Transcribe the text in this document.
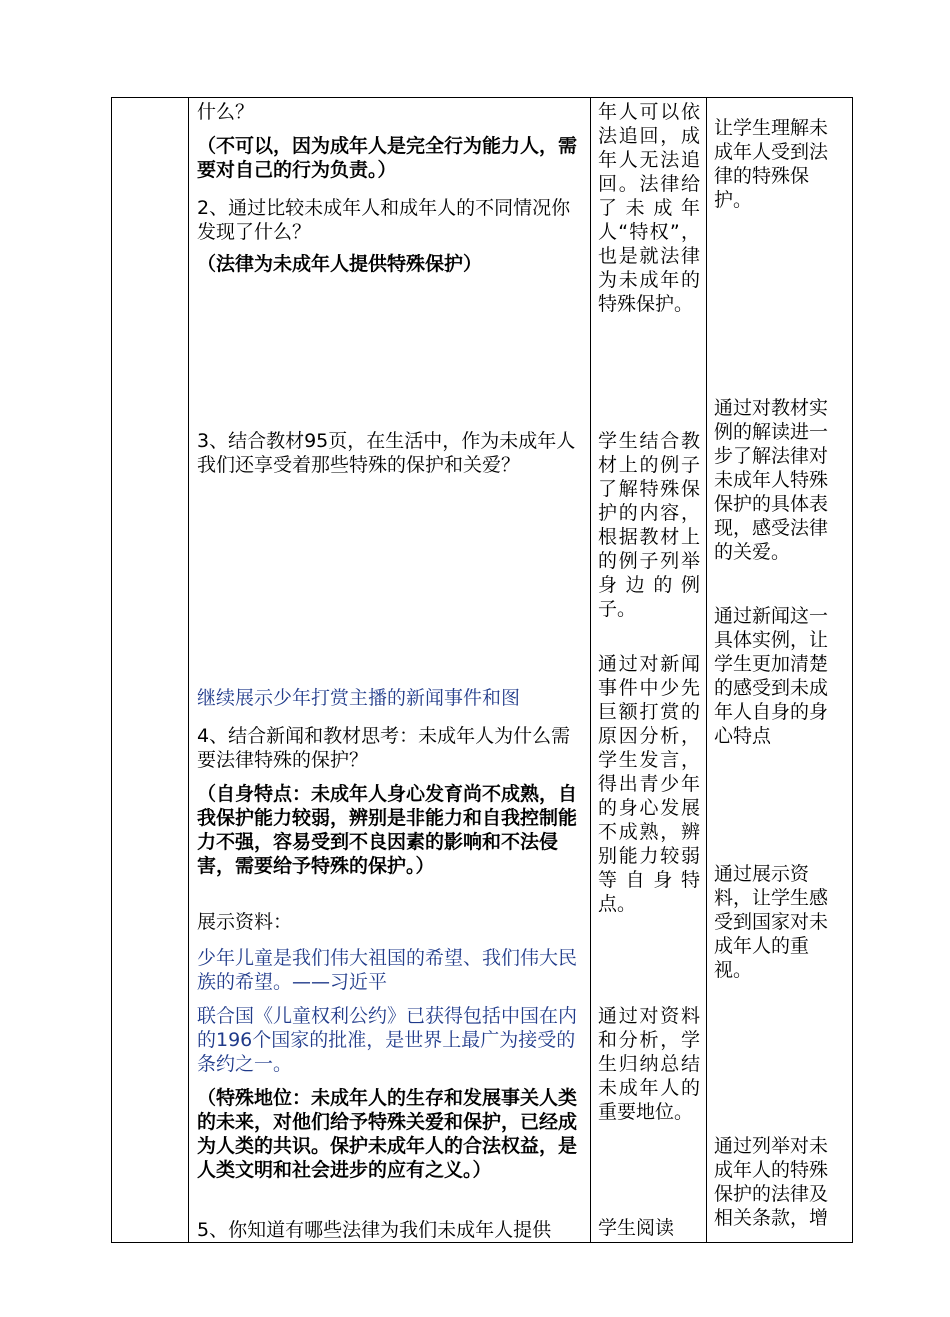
什么？

（不可以，因为成年人是完全行为能力人，需要对自己的行为负责。）

2、通过比较未成年人和成年人的不同情况你发现了什么？

（法律为未成年人提供特殊保护）

3、结合教材95页，在生活中，作为未成年人我们还享受着那些特殊的保护和关爱？

继续展示少年打赏主播的新闻事件和图

4、结合新闻和教材思考：未成年人为什么需要法律特殊的保护？

（自身特点：未成年人身心发育尚不成熟，自我保护能力较弱，辨别是非能力和自我控制能力不强，容易受到不良因素的影响和不法侵害，需要给予特殊的保护。）

展示资料：

少年儿童是我们伟大祖国的希望、我们伟大民族的希望。——习近平

联合国《儿童权利公约》已获得包括中国在内的196个国家的批准，是世界上最广为接受的条约之一。

（特殊地位：未成年人的生存和发展事关人类的未来，对他们给予特殊关爱和保护，已经成为人类的共识。保护未成年人的合法权益，是人类文明和社会进步的应有之义。）

5、你知道有哪些法律为我们未成年人提供

年人可以依法追回，成年人无法追回。法律给了未成年人“特权”，也是就法律为未成年的特殊保护。

学生结合教材上的例子了解特殊保护的内容，根据教材上的例子列举身边的例子。

通过对新闻事件中少先巨额打赏的原因分析，学生发言，得出青少年的身心发展不成熟，辨别能力较弱等自身特点。

通过对资料和分析，学生归纳总结未成年人的重要地位。

学生阅读

让学生理解未成年人受到法律的特殊保护。

通过对教材实例的解读进一步了解法律对未成年人特殊保护的具体表现，感受法律的关爱。

通过新闻这一具体实例，让学生更加清楚的感受到未成年人自身的身心特点

通过展示资料，让学生感受到国家对未成年人的重视。

通过列举对未成年人的特殊保护的法律及相关条款，增
